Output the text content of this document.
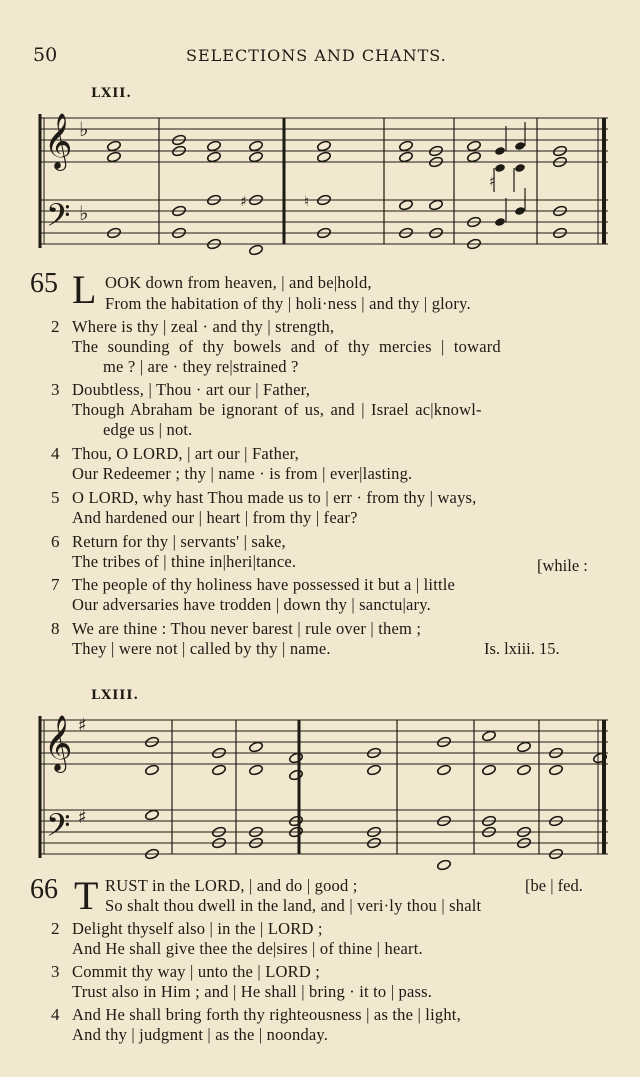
50	SELECTIONS AND CHANTS.
LXII.
𝄞 ♭
𝄢 ♭
♯
♯	♮
65 L OOK down from heaven, | and be|hold,
From the habitation of thy | holi·ness | and thy | glory.
2 Where is thy | zeal · and thy | strength,
The sounding of thy bowels and of thy mercies | toward
me ? | are · they re|strained ?
3 Doubtless, | Thou · art our | Father,
Though Abraham be ignorant of us, and | Israel ac|knowl-
edge us | not.
4 Thou, O LORD, | art our | Father,
Our Redeemer ; thy | name · is from | ever|lasting.
5 O LORD, why hast Thou made us to | err · from thy | ways,
And hardened our | heart | from thy | fear?
6 Return for thy | servants' | sake,
The tribes of | thine in|heri|tance.	[while :
7 The people of thy holiness have possessed it but a | little
Our adversaries have trodden | down thy | sanctu|ary.
8 We are thine : Thou never barest | rule over | them ;
They | were not | called by thy | name.	Is. lxiii. 15.
LXIII.
𝄞 ♯
𝄢 ♯
66 T RUST in the LORD, | and do | good ;	[be | fed.
So shalt thou dwell in the land, and | veri·ly thou | shalt
2 Delight thyself also | in the | LORD ;
And He shall give thee the de|sires | of thine | heart.
3 Commit thy way | unto the | LORD ;
Trust also in Him ; and | He shall | bring · it to | pass.
4 And He shall bring forth thy righteousness | as the | light,
And thy | judgment | as the | noonday.
